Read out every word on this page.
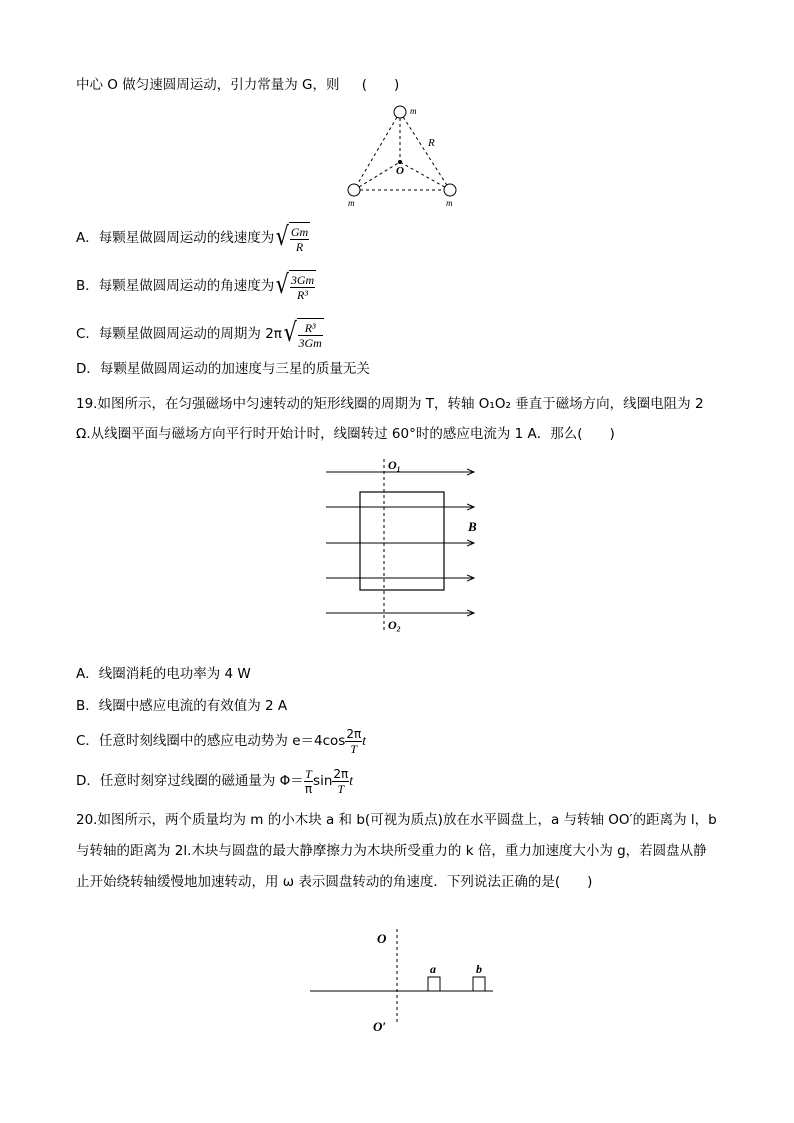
中心 O 做匀速圆周运动，引力常量为 G，则 (　　)
m
m	m
R
O
A．每颗星做圆周运动的线速度为 √ $\frac{Gm}{R}$
B．每颗星做圆周运动的角速度为 √ $\frac{3Gm}{\text{R³}}$
C．每颗星做圆周运动的周期为 2π √ $\frac{\text{R³}}{3Gm}$
D．每颗星做圆周运动的加速度与三星的质量无关
19.如图所示，在匀强磁场中匀速转动的矩形线圈的周期为 T，转轴 O₁O₂ 垂直于磁场方向，线圈电阻为 2
Ω.从线圈平面与磁场方向平行时开始计时，线圈转过 60°时的感应电流为 1 A．那么(　　)
O₁
O₂
B
A．线圈消耗的电功率为 4 W
B．线圈中感应电流的有效值为 2 A
C．任意时刻线圈中的感应电动势为 $e=4\cos \frac{2\pi}{T}$ t
D．任意时刻穿过线圈的磁通量为 $\Phi= \frac{T}{\pi}$ $\sin \frac{2\pi}{T}$ t
20.如图所示，两个质量均为 m 的小木块 a 和 b(可视为质点)放在水平圆盘上，a 与转轴 OO′的距离为 l，b
与转轴的距离为 2l.木块与圆盘的最大静摩擦力为木块所受重力的 k 倍，重力加速度大小为 g，若圆盘从静
止开始绕转轴缓慢地加速转动，用 ω 表示圆盘转动的角速度．下列说法正确的是(　　)
O
O′
a	b
